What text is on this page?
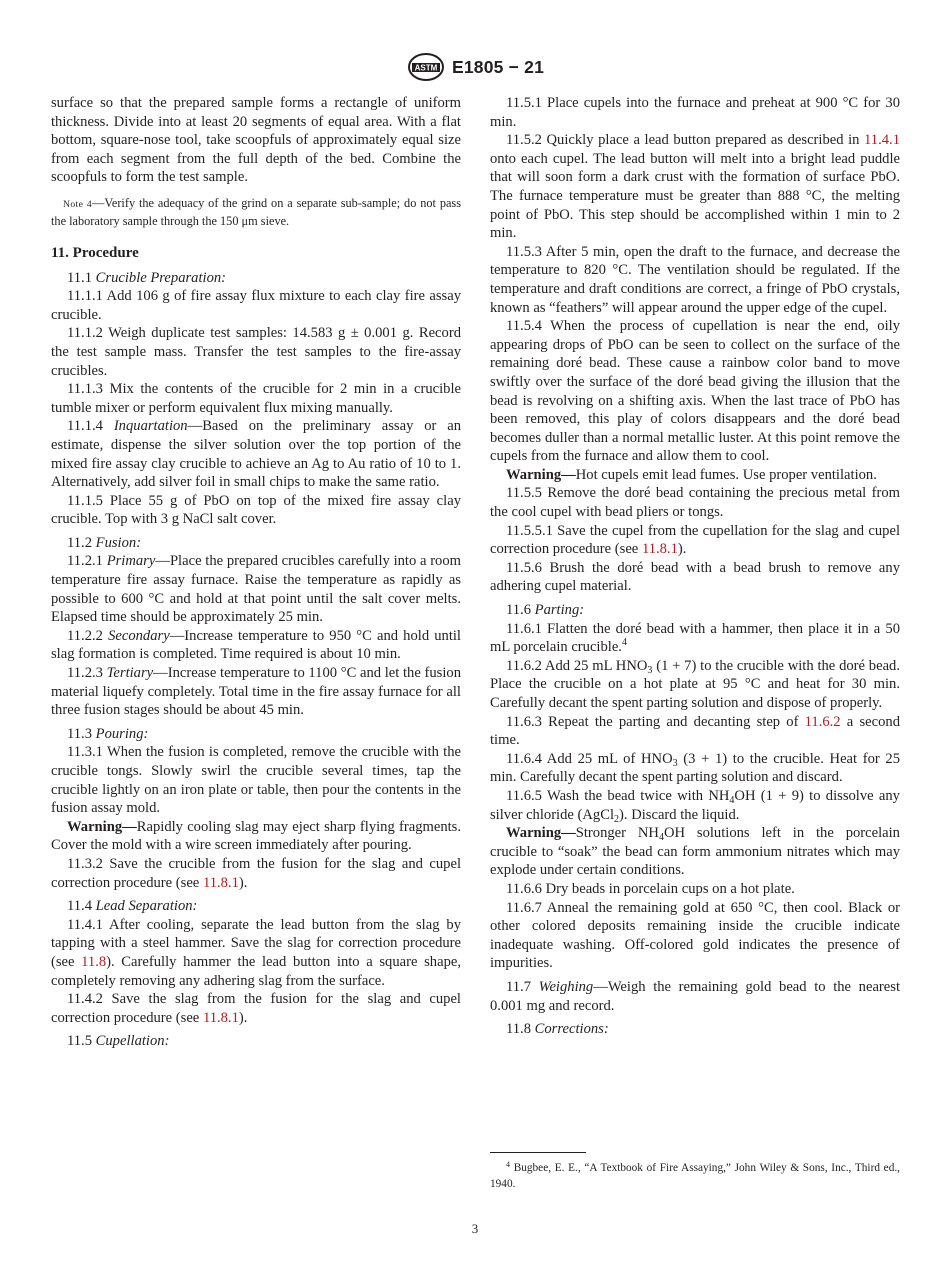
ASTM E1805 − 21

surface so that the prepared sample forms a rectangle of uniform thickness. Divide into at least 20 segments of equal area. With a flat bottom, square-nose tool, take scoopfuls of approximately equal size from each segment from the full depth of the bed. Combine the scoopfuls to form the test sample.

Note 4—Verify the adequacy of the grind on a separate sub-sample; do not pass the laboratory sample through the 150 μm sieve.

11. Procedure

11.1 Crucible Preparation:

11.1.1 Add 106 g of fire assay flux mixture to each clay fire assay crucible.

11.1.2 Weigh duplicate test samples: 14.583 g ± 0.001 g. Record the test sample mass. Transfer the test samples to the fire-assay crucibles.

11.1.3 Mix the contents of the crucible for 2 min in a crucible tumble mixer or perform equivalent flux mixing manually.

11.1.4 Inquartation—Based on the preliminary assay or an estimate, dispense the silver solution over the top portion of the mixed fire assay clay crucible to achieve an Ag to Au ratio of 10 to 1. Alternatively, add silver foil in small chips to make the same ratio.

11.1.5 Place 55 g of PbO on top of the mixed fire assay clay crucible. Top with 3 g NaCl salt cover.

11.2 Fusion:

11.2.1 Primary—Place the prepared crucibles carefully into a room temperature fire assay furnace. Raise the temperature as rapidly as possible to 600 °C and hold at that point until the salt cover melts. Elapsed time should be approximately 25 min.

11.2.2 Secondary—Increase temperature to 950 °C and hold until slag formation is completed. Time required is about 10 min.

11.2.3 Tertiary—Increase temperature to 1100 °C and let the fusion material liquefy completely. Total time in the fire assay furnace for all three fusion stages should be about 45 min.

11.3 Pouring:

11.3.1 When the fusion is completed, remove the crucible with the crucible tongs. Slowly swirl the crucible several times, tap the crucible lightly on an iron plate or table, then pour the contents in the fusion assay mold.

Warning—Rapidly cooling slag may eject sharp flying fragments. Cover the mold with a wire screen immediately after pouring.

11.3.2 Save the crucible from the fusion for the slag and cupel correction procedure (see 11.8.1).

11.4 Lead Separation:

11.4.1 After cooling, separate the lead button from the slag by tapping with a steel hammer. Save the slag for correction procedure (see 11.8). Carefully hammer the lead button into a square shape, completely removing any adhering slag from the surface.

11.4.2 Save the slag from the fusion for the slag and cupel correction procedure (see 11.8.1).

11.5 Cupellation:

11.5.1 Place cupels into the furnace and preheat at 900 °C for 30 min.

11.5.2 Quickly place a lead button prepared as described in 11.4.1 onto each cupel. The lead button will melt into a bright lead puddle that will soon form a dark crust with the formation of surface PbO. The furnace temperature must be greater than 888 °C, the melting point of PbO. This step should be accomplished within 1 min to 2 min.

11.5.3 After 5 min, open the draft to the furnace, and decrease the temperature to 820 °C. The ventilation should be regulated. If the temperature and draft conditions are correct, a fringe of PbO crystals, known as “feathers” will appear around the upper edge of the cupel.

11.5.4 When the process of cupellation is near the end, oily appearing drops of PbO can be seen to collect on the surface of the remaining doré bead. These cause a rainbow color band to move swiftly over the surface of the doré bead giving the illusion that the bead is revolving on a shifting axis. When the last trace of PbO has been removed, this play of colors disappears and the doré bead becomes duller than a normal metallic luster. At this point remove the cupels from the furnace and allow them to cool.

Warning—Hot cupels emit lead fumes. Use proper ventilation.

11.5.5 Remove the doré bead containing the precious metal from the cool cupel with bead pliers or tongs.

11.5.5.1 Save the cupel from the cupellation for the slag and cupel correction procedure (see 11.8.1).

11.5.6 Brush the doré bead with a bead brush to remove any adhering cupel material.

11.6 Parting:

11.6.1 Flatten the doré bead with a hammer, then place it in a 50 mL porcelain crucible.$^4$

11.6.2 Add 25 mL $HNO_3$ (1 + 7) to the crucible with the doré bead. Place the crucible on a hot plate at 95 °C and heat for 30 min. Carefully decant the spent parting solution and dispose of properly.

11.6.3 Repeat the parting and decanting step of 11.6.2 a second time.

11.6.4 Add 25 mL of $HNO_3$ (3 + 1) to the crucible. Heat for 25 min. Carefully decant the spent parting solution and discard.

11.6.5 Wash the bead twice with $NH_4OH$ (1 + 9) to dissolve any silver chloride (AgCl$_2$). Discard the liquid.

Warning—Stronger $NH_4OH$ solutions left in the porcelain crucible to “soak” the bead can form ammonium nitrates which may explode under certain conditions.

11.6.6 Dry beads in porcelain cups on a hot plate.

11.6.7 Anneal the remaining gold at 650 °C, then cool. Black or other colored deposits remaining inside the crucible indicate inadequate washing. Off-colored gold indicates the presence of impurities.

11.7 Weighing—Weigh the remaining gold bead to the nearest 0.001 mg and record.

11.8 Corrections:

$^4$ Bugbee, E. E., “A Textbook of Fire Assaying,” John Wiley & Sons, Inc., Third ed., 1940.
3
